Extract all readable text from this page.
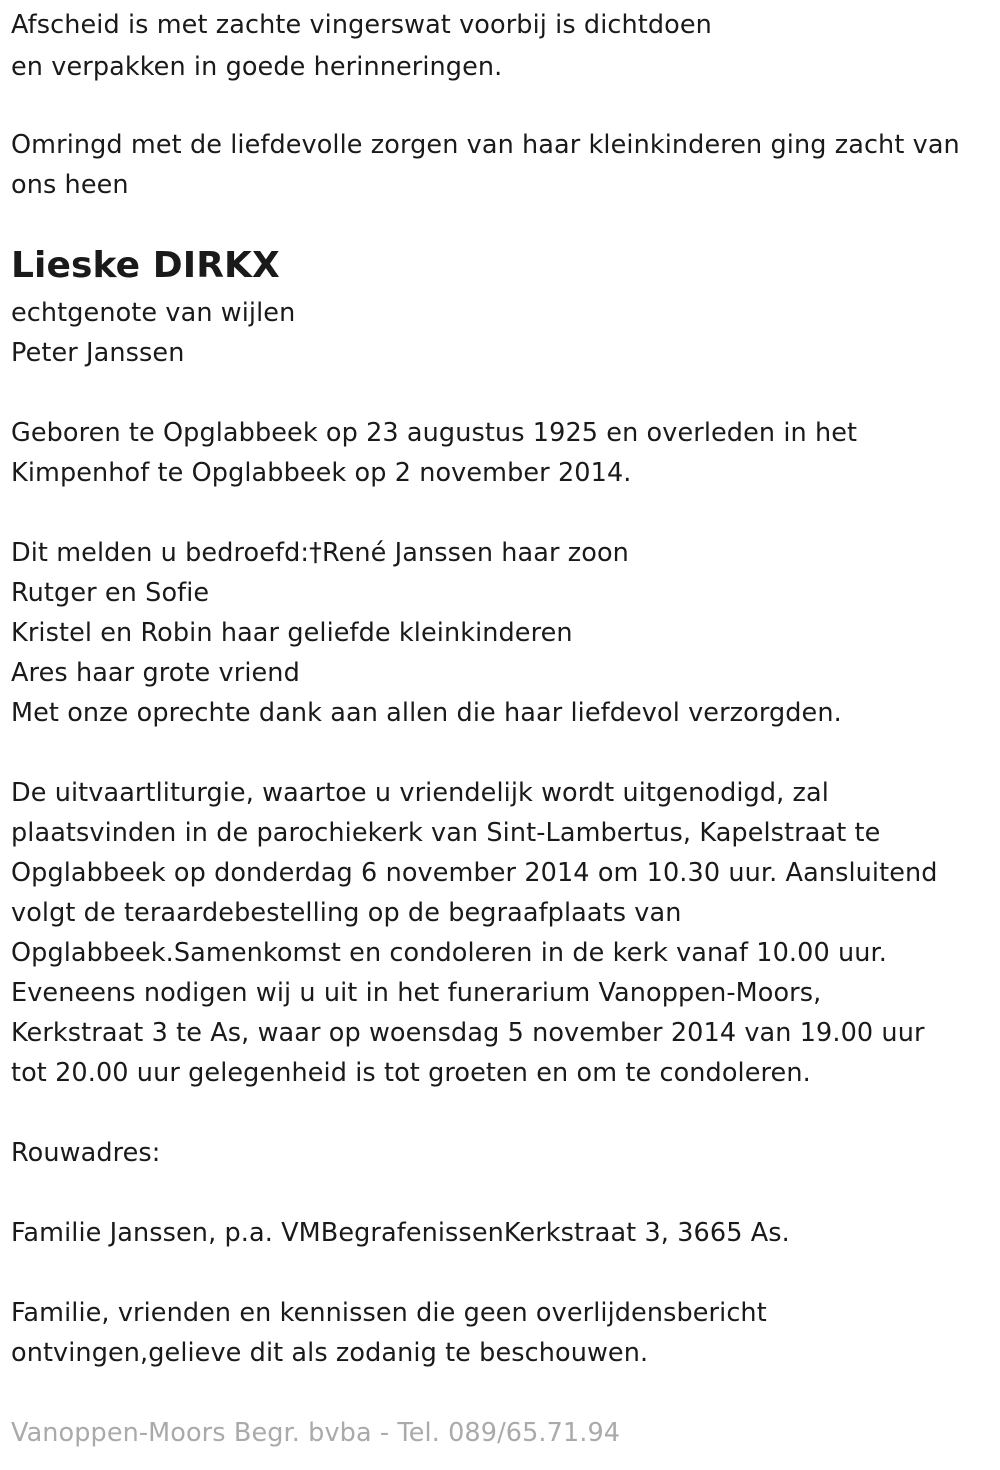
Afscheid is met zachte vingerswat voorbij is dichtdoen
en verpakken in goede herinneringen.
Omringd met de liefdevolle zorgen van haar kleinkinderen ging zacht van
ons heen
Lieske DIRKX
echtgenote van wijlen
Peter Janssen
Geboren te Opglabbeek op 23 augustus 1925 en overleden in het
Kimpenhof te Opglabbeek op 2 november 2014.
Dit melden u bedroefd:†René Janssen haar zoon
Rutger en Sofie
Kristel en Robin haar geliefde kleinkinderen
Ares haar grote vriend
Met onze oprechte dank aan allen die haar liefdevol verzorgden.
De uitvaartliturgie, waartoe u vriendelijk wordt uitgenodigd, zal
plaatsvinden in de parochiekerk van Sint-Lambertus, Kapelstraat te
Opglabbeek op donderdag 6 november 2014 om 10.30 uur. Aansluitend
volgt de teraardebestelling op de begraafplaats van
Opglabbeek.Samenkomst en condoleren in de kerk vanaf 10.00 uur.
Eveneens nodigen wij u uit in het funerarium Vanoppen-Moors,
Kerkstraat 3 te As, waar op woensdag 5 november 2014 van 19.00 uur
tot 20.00 uur gelegenheid is tot groeten en om te condoleren.
Rouwadres:
Familie Janssen, p.a. VMBegrafenissenKerkstraat 3, 3665 As.
Familie, vrienden en kennissen die geen overlijdensbericht
ontvingen,gelieve dit als zodanig te beschouwen.
Vanoppen-Moors Begr. bvba - Tel. 089/65.71.94
